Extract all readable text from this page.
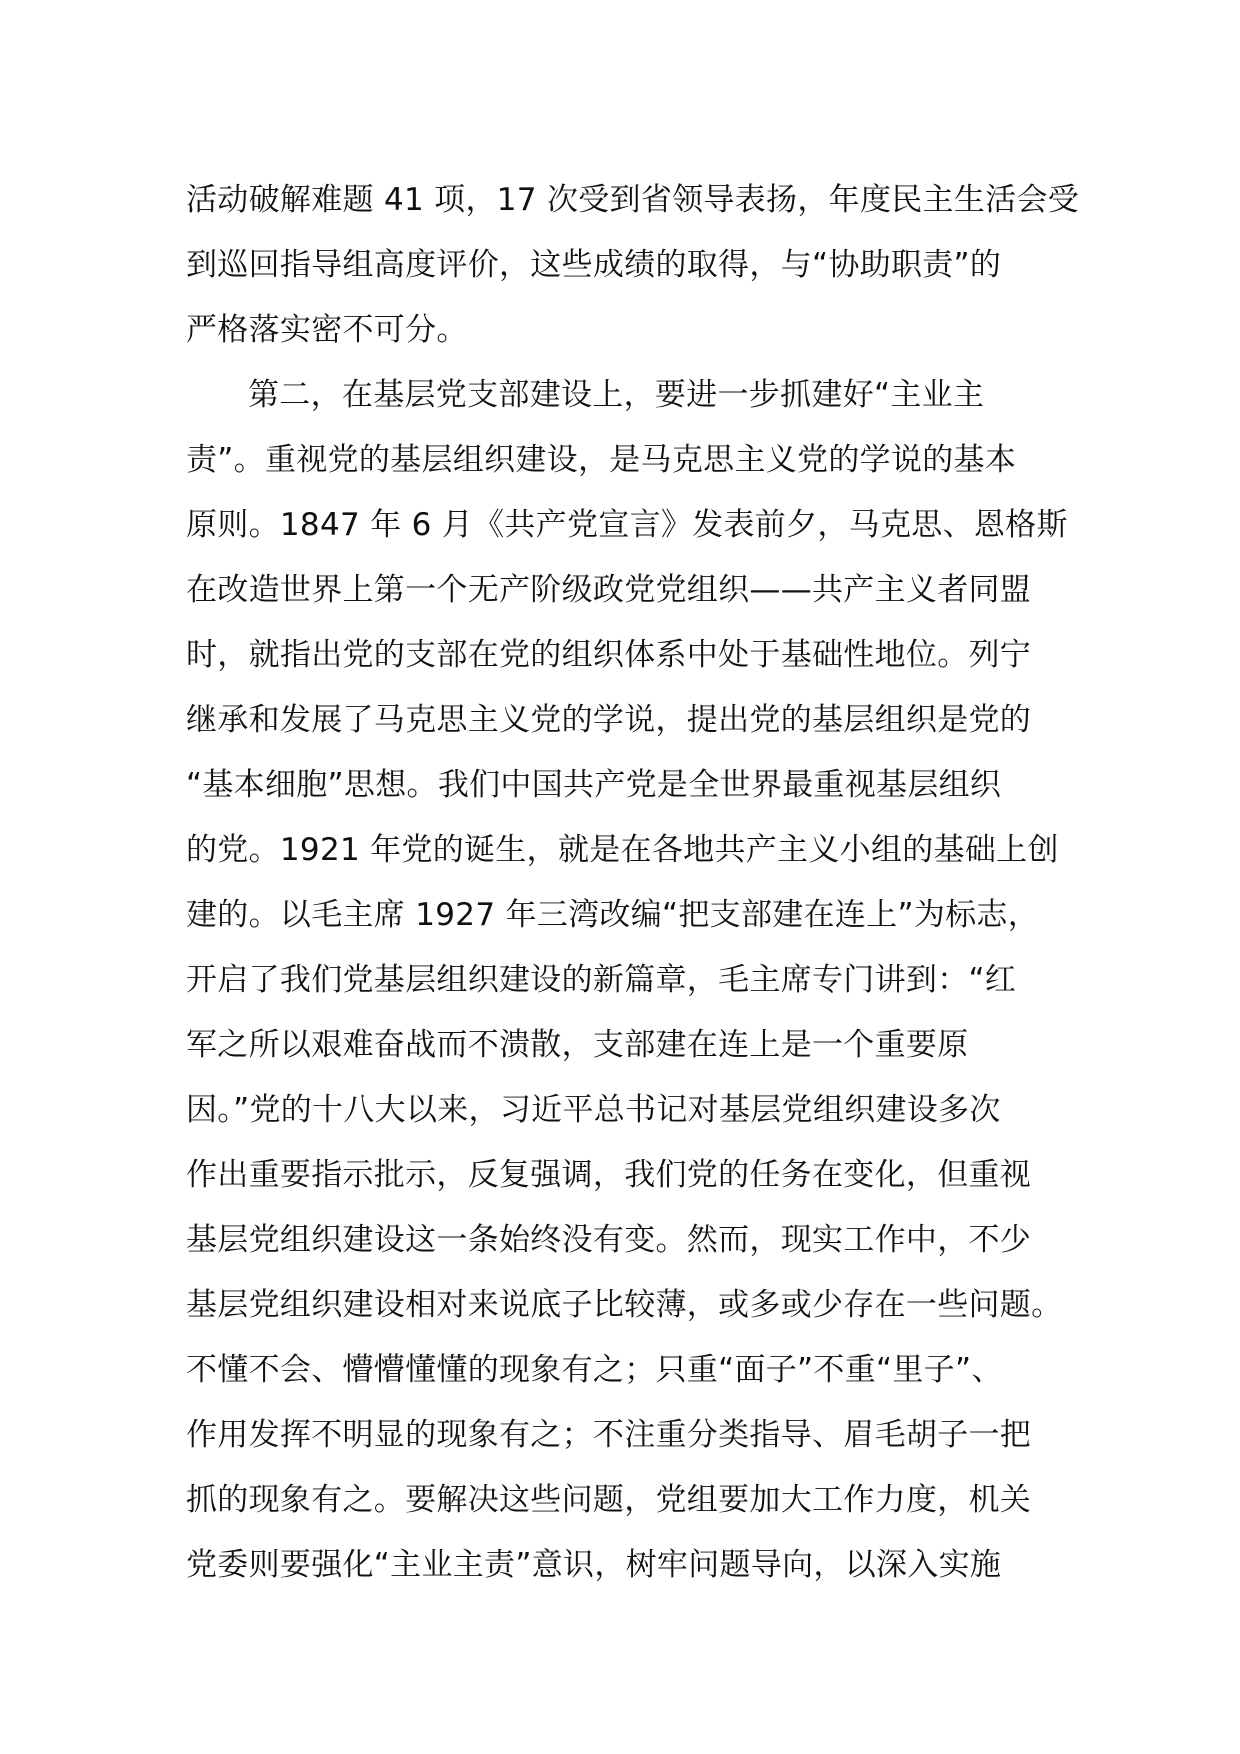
活动破解难题 41 项，17 次受到省领导表扬，年度民主生活会受
到巡回指导组高度评价，这些成绩的取得，与“协助职责”的
严格落实密不可分。
第二，在基层党支部建设上，要进一步抓建好“主业主
责”。重视党的基层组织建设，是马克思主义党的学说的基本
原则。1847 年 6 月《共产党宣言》发表前夕，马克思、恩格斯
在改造世界上第一个无产阶级政党党组织——共产主义者同盟
时，就指出党的支部在党的组织体系中处于基础性地位。列宁
继承和发展了马克思主义党的学说，提出党的基层组织是党的
“基本细胞”思想。我们中国共产党是全世界最重视基层组织
的党。1921 年党的诞生，就是在各地共产主义小组的基础上创
建的。以毛主席 1927 年三湾改编“把支部建在连上”为标志，
开启了我们党基层组织建设的新篇章，毛主席专门讲到：“红
军之所以艰难奋战而不溃散，支部建在连上是一个重要原
因。”党的十八大以来，习近平总书记对基层党组织建设多次
作出重要指示批示，反复强调，我们党的任务在变化，但重视
基层党组织建设这一条始终没有变。然而，现实工作中，不少
基层党组织建设相对来说底子比较薄，或多或少存在一些问题。
不懂不会、懵懵懂懂的现象有之；只重“面子”不重“里子”、
作用发挥不明显的现象有之；不注重分类指导、眉毛胡子一把
抓的现象有之。要解决这些问题，党组要加大工作力度，机关
党委则要强化“主业主责”意识，树牢问题导向，以深入实施
